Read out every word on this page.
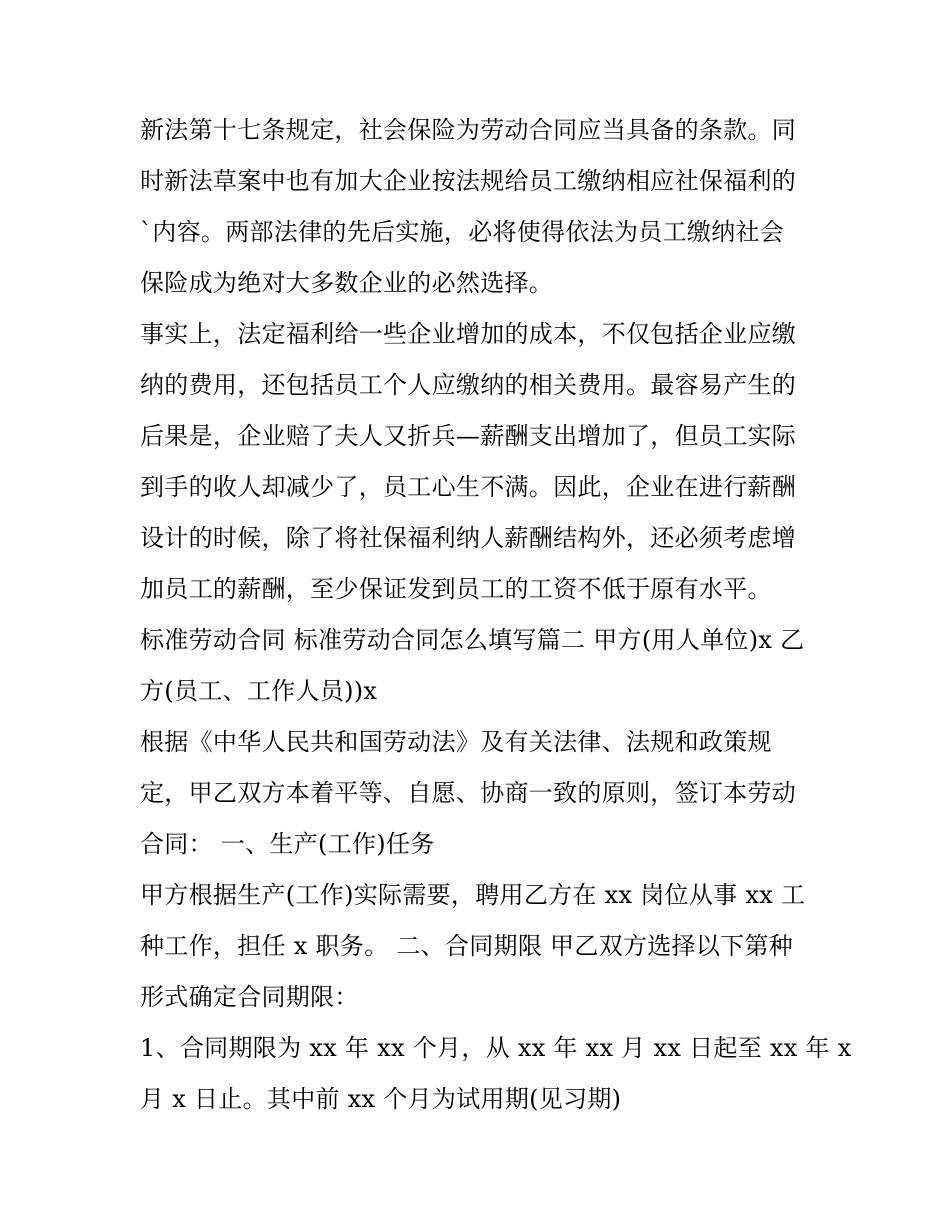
新法第十七条规定，社会保险为劳动合同应当具备的条款。同
时新法草案中也有加大企业按法规给员工缴纳相应社保福利的
`内容。两部法律的先后实施，必将使得依法为员工缴纳社会
保险成为绝对大多数企业的必然选择。
事实上，法定福利给一些企业增加的成本，不仅包括企业应缴
纳的费用，还包括员工个人应缴纳的相关费用。最容易产生的
后果是，企业赔了夫人又折兵—薪酬支出增加了，但员工实际
到手的收人却减少了，员工心生不满。因此，企业在进行薪酬
设计的时候，除了将社保福利纳人薪酬结构外，还必须考虑增
加员工的薪酬，至少保证发到员工的工资不低于原有水平。
标准劳动合同 标准劳动合同怎么填写篇二 甲方(用人单位)x 乙
方(员工、工作人员))x
根据《中华人民共和国劳动法》及有关法律、法规和政策规
定，甲乙双方本着平等、自愿、协商一致的原则，签订本劳动
合同： 一、生产(工作)任务
甲方根据生产(工作)实际需要，聘用乙方在 xx 岗位从事 xx 工
种工作，担任 x 职务。 二、合同期限 甲乙双方选择以下第种
形式确定合同期限：
1、合同期限为 xx 年 xx 个月，从 xx 年 xx 月 xx 日起至 xx 年 x
月 x 日止。其中前 xx 个月为试用期(见习期)
